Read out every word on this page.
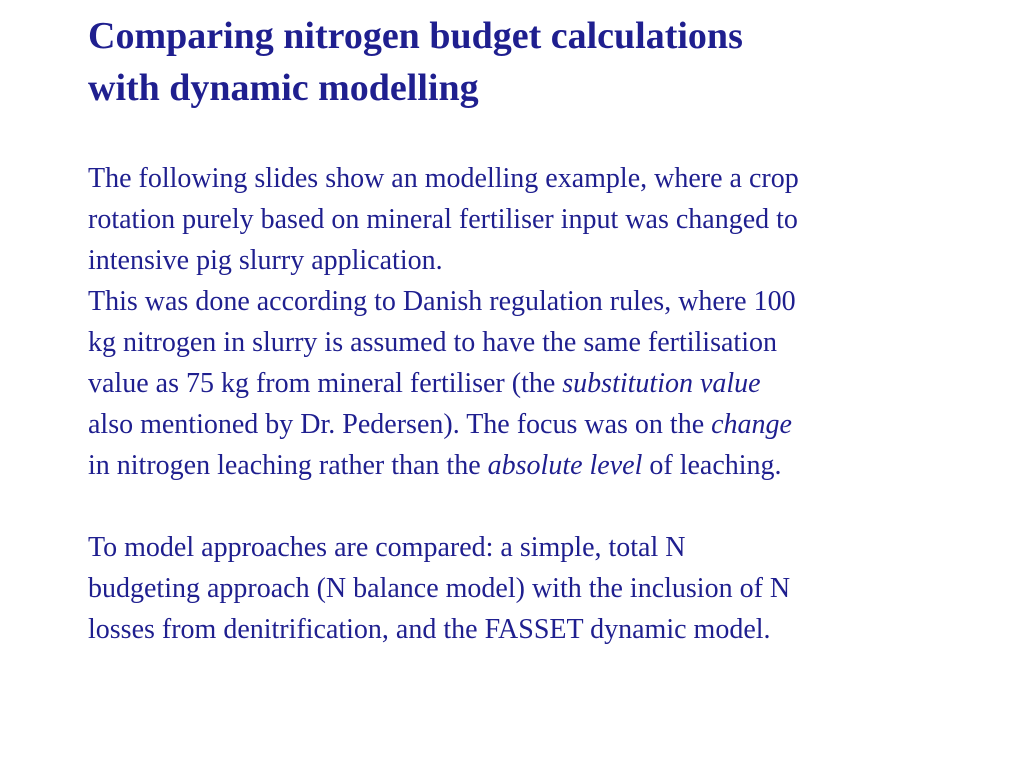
Comparing nitrogen budget calculations
with dynamic modelling

The following slides show an modelling example, where a crop
rotation purely based on mineral fertiliser input was changed to
intensive pig slurry application.

This was done according to Danish regulation rules, where 100
kg nitrogen in slurry is assumed to have the same fertilisation
value as 75 kg from mineral fertiliser (the substitution value
also mentioned by Dr. Pedersen). The focus was on the change
in nitrogen leaching rather than the absolute level of leaching.

To model approaches are compared: a simple, total N
budgeting approach (N balance model) with the inclusion of N
losses from denitrification, and the FASSET dynamic model.
